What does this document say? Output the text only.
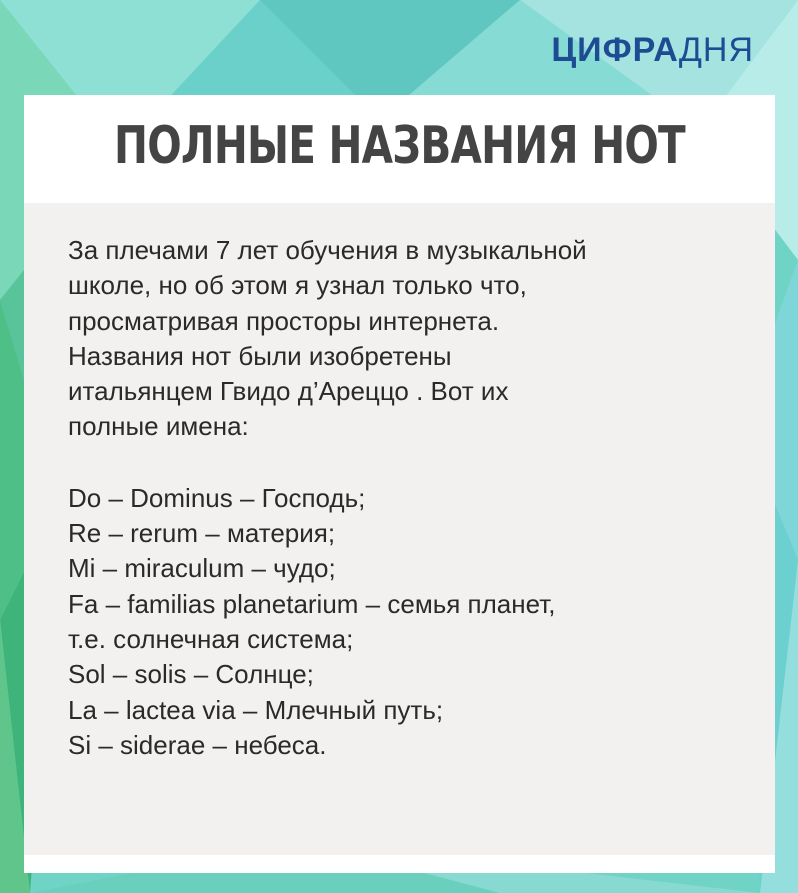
ЦИФРАДНЯ
ПОЛНЫЕ НАЗВАНИЯ НОТ
За плечами 7 лет обучения в музыкальной
школе, но об этом я узнал только что,
просматривая просторы интернета.
Названия нот были изобретены
итальянцем Гвидо д’Ареццо . Вот их
полные имена:
Do – Dominus – Господь;
Re – rerum – материя;
Mi – miraculum – чудо;
Fa – familias planetarium – семья планет,
т.е. солнечная система;
Sol – solis – Солнце;
La – lactea via – Млечный путь;
Si – siderae – небеса.
